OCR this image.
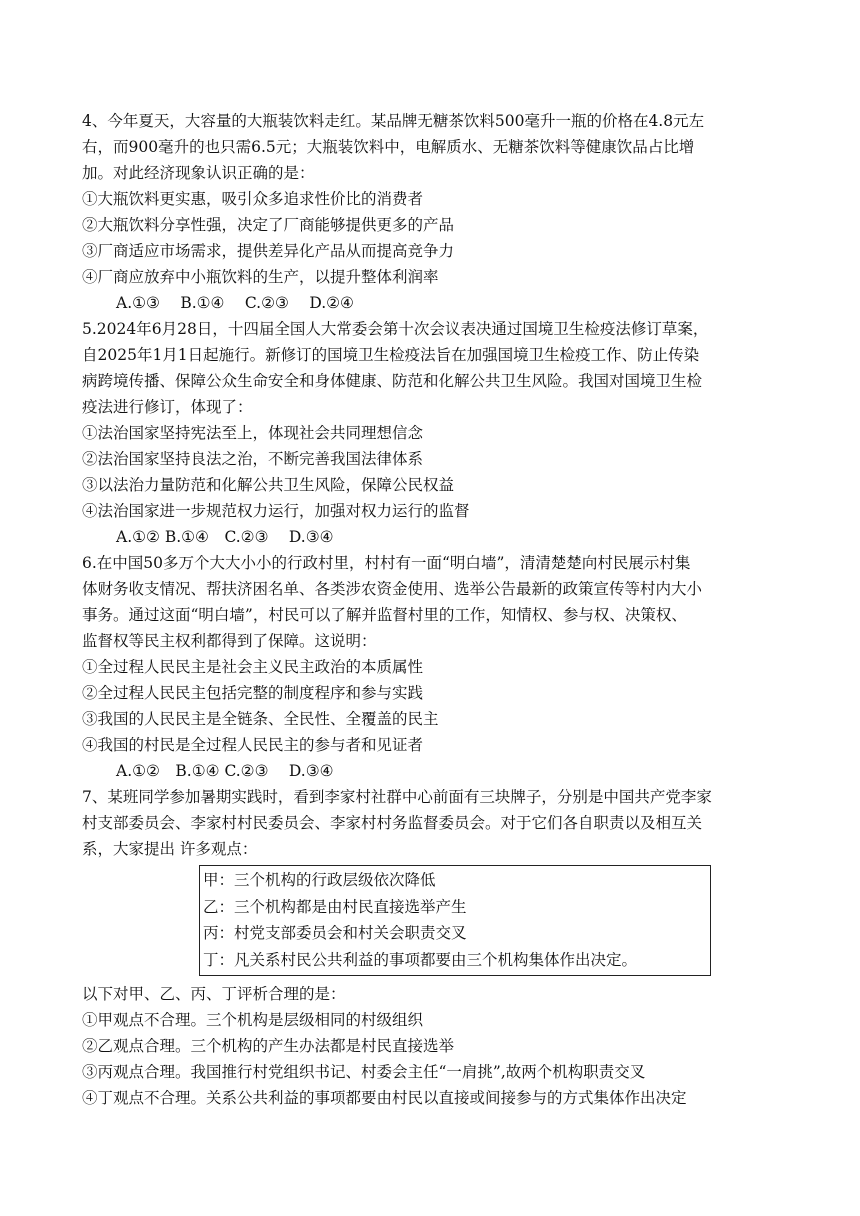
4、今年夏天，大容量的大瓶装饮料走红。某品牌无糖茶饮料500毫升一瓶的价格在4.8元左
右，而900毫升的也只需6.5元；大瓶装饮料中，电解质水、无糖茶饮料等健康饮品占比增
加。对此经济现象认识正确的是：
①大瓶饮料更实惠，吸引众多追求性价比的消费者
②大瓶饮料分享性强，决定了厂商能够提供更多的产品
③厂商适应市场需求，提供差异化产品从而提高竞争力
④厂商应放弃中小瓶饮料的生产，以提升整体利润率
A.①③　 B.①④　 C.②③　 D.②④
5.2024年6月28日，十四届全国人大常委会第十次会议表决通过国境卫生检疫法修订草案，
自2025年1月1日起施行。新修订的国境卫生检疫法旨在加强国境卫生检疫工作、防止传染
病跨境传播、保障公众生命安全和身体健康、防范和化解公共卫生风险。我国对国境卫生检
疫法进行修订，体现了：
①法治国家坚持宪法至上，体现社会共同理想信念
②法治国家坚持良法之治，不断完善我国法律体系
③以法治力量防范和化解公共卫生风险，保障公民权益
④法治国家进一步规范权力运行，加强对权力运行的监督
A.①② B.①④　C.②③　 D.③④
6.在中国50多万个大大小小的行政村里，村村有一面“明白墙”，清清楚楚向村民展示村集
体财务收支情况、帮扶济困名单、各类涉农资金使用、选举公告最新的政策宣传等村内大小
事务。通过这面“明白墙”，村民可以了解并监督村里的工作，知情权、参与权、决策权、
监督权等民主权利都得到了保障。这说明：
①全过程人民民主是社会主义民主政治的本质属性
②全过程人民民主包括完整的制度程序和参与实践
③我国的人民民主是全链条、全民性、全覆盖的民主
④我国的村民是全过程人民民主的参与者和见证者
A.①②　B.①④ C.②③　 D.③④
7、某班同学参加暑期实践时，看到李家村社群中心前面有三块牌子，分别是中国共产党李家
村支部委员会、李家村村民委员会、李家村村务监督委员会。对于它们各自职责以及相互关
系，大家提出 许多观点：
甲：三个机构的行政层级依次降低
乙：三个机构都是由村民直接选举产生
丙：村党支部委员会和村关会职责交叉
丁：凡关系村民公共利益的事项都要由三个机构集体作出决定。
以下对甲、乙、丙、丁评析合理的是：
①甲观点不合理。三个机构是层级相同的村级组织
②乙观点合理。三个机构的产生办法都是村民直接选举
③丙观点合理。我国推行村党组织书记、村委会主任“一肩挑”,故两个机构职责交叉
④丁观点不合理。关系公共利益的事项都要由村民以直接或间接参与的方式集体作出决定
